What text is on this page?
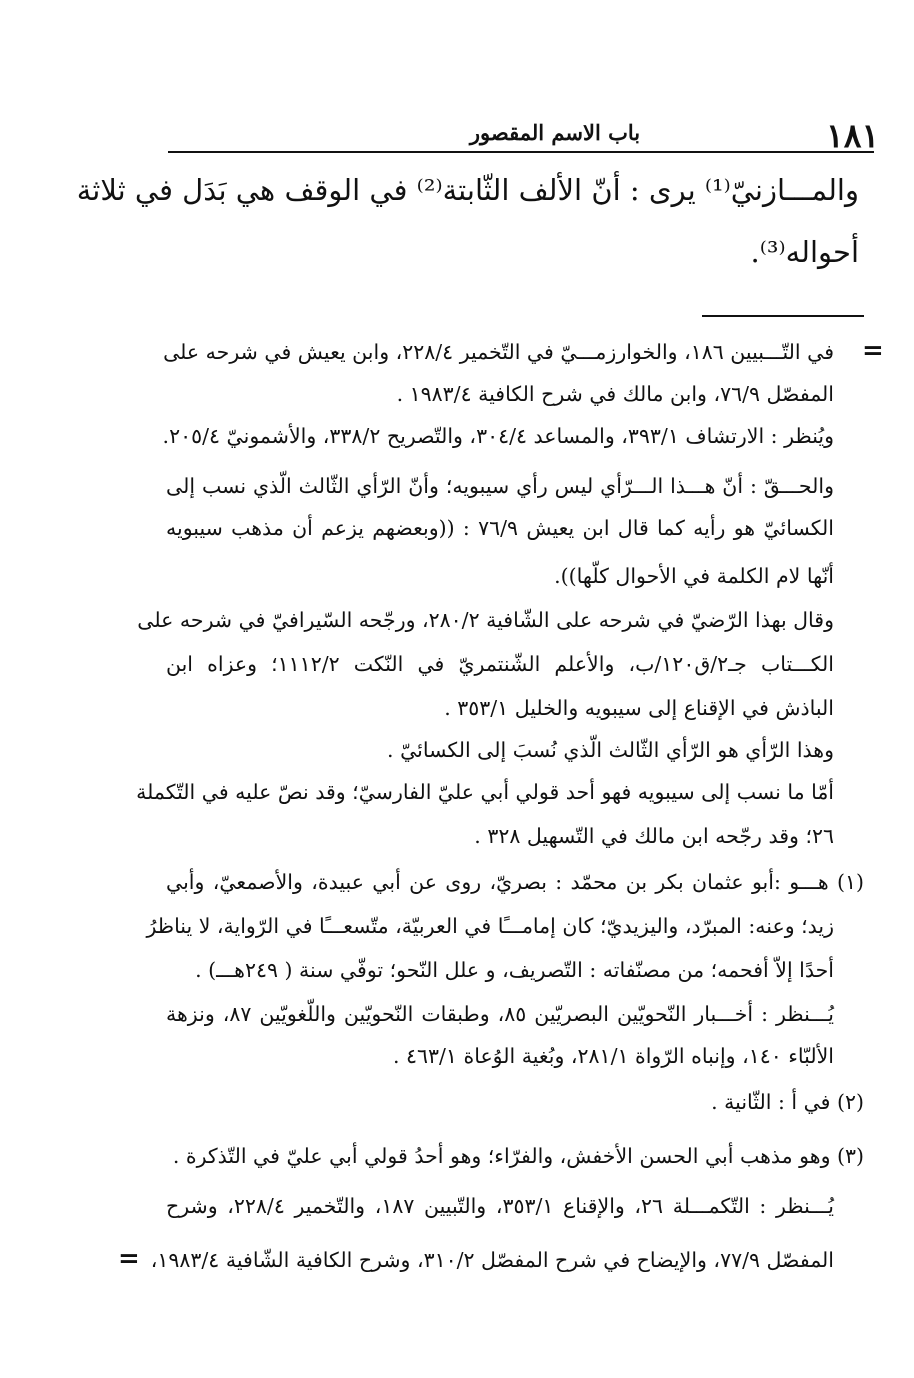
١٨١
باب الاسم المقصور
والمـــازنيّ⁽¹⁾ يرى : أنّ الألف الثّابتة⁽²⁾ في الوقف هي بَدَل في ثلاثة
أحواله⁽³⁾.
=
في التّـــبيين ١٨٦، والخوارزمـــيّ في التّخمير ٢٢٨/٤، وابن يعيش في شرحه على
المفصّل ٧٦/٩، وابن مالك في شرح الكافية ١٩٨٣/٤ .
ويُنظر : الارتشاف ٣٩٣/١، والمساعد ٣٠٤/٤، والتّصريح ٣٣٨/٢، والأشمونيّ ٢٠٥/٤.
والحـــقّ : أنّ هـــذا الـــرّأي ليس رأي سيبويه؛ وأنّ الرّأي الثّالث الّذي نسب إلى
الكسائيّ هو رأيه كما قال ابن يعيش ٧٦/٩ : ((وبعضهم يزعم أن مذهب سيبويه
أنّها لام الكلمة في الأحوال كلّها)).
وقال بهذا الرّضيّ في شرحه على الشّافية ٢٨٠/٢، ورجّحه السّيرافيّ في شرحه على
الكـــتاب جـ٢/ق١٢٠/ب، والأعلم الشّنتمريّ في النّكت ١١١٢/٢؛ وعزاه ابن
الباذش في الإقناع إلى سيبويه والخليل ٣٥٣/١ .
وهذا الرّأي هو الرّأي الثّالث الّذي نُسبَ إلى الكسائيّ .
أمّا ما نسب إلى سيبويه فهو أحد قولي أبي عليّ الفارسيّ؛ وقد نصّ عليه في التّكملة
٢٦؛ وقد رجّحه ابن مالك في التّسهيل ٣٢٨ .
(١) هـــو :أبو عثمان بكر بن محمّد : بصريّ، روى عن أبي عبيدة، والأصمعيّ، وأبي
زيد؛ وعنه: المبرّد، واليزيديّ؛ كان إمامـــًا في العربيّة، متّسعـــًا في الرّواية، لا يناظرُ
أحدًا إلاّ أفحمه؛ من مصنّفاته : التّصريف، و علل النّحو؛ توفّي سنة ( ٢٤٩هـــ) .
يُـــنظر : أخـــبار النّحويّين البصريّين ٨٥، وطبقات النّحويّين واللّغويّين ٨٧، ونزهة
الألبّاء ١٤٠، وإنباه الرّواة ٢٨١/١، وبُغية الوُعاة ٤٦٣/١ .
(٢) في أ : الثّانية .
(٣) وهو مذهب أبي الحسن الأخفش، والفرّاء؛ وهو أحدُ قولي أبي عليّ في التّذكرة .
يُـــنظر : التّكمـــلة ٢٦، والإقناع ٣٥٣/١، والتّبيين ١٨٧، والتّخمير ٢٢٨/٤، وشرح
المفصّل ٧٧/٩، والإيضاح في شرح المفصّل ٣١٠/٢، وشرح الكافية الشّافية ١٩٨٣/٤،
=
